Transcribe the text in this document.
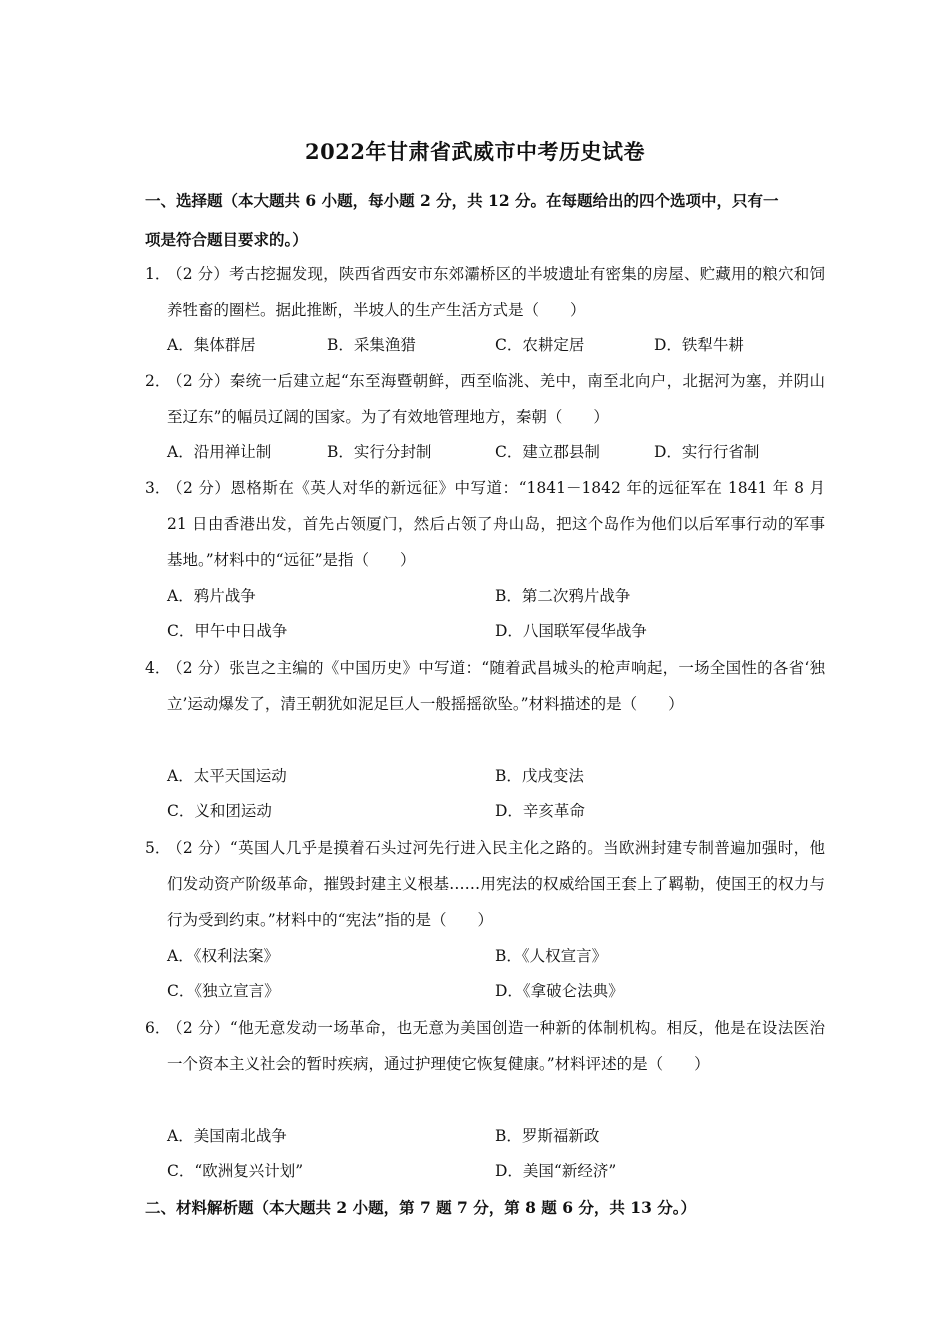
2022年甘肃省武威市中考历史试卷
一、选择题（本大题共 6 小题，每小题 2 分，共 12 分。在每题给出的四个选项中，只有一
项是符合题目要求的。）
1．
（2 分）考古挖掘发现，陕西省西安市东郊灞桥区的半坡遗址有密集的房屋、贮藏用的粮穴和饲养牲畜的圈栏。据此推断，半坡人的生产生活方式是（　　）
A．集体群居	B．采集渔猎	C．农耕定居	D．铁犁牛耕
2．
（2 分）秦统一后建立起“东至海暨朝鲜，西至临洮、羌中，南至北向户，北据河为塞，并阴山至辽东”的幅员辽阔的国家。为了有效地管理地方，秦朝（　　）
A．沿用禅让制	B．实行分封制	C．建立郡县制	D．实行行省制
3．
（2 分）恩格斯在《英人对华的新远征》中写道：“1841－1842 年的远征军在 1841 年 8 月 21 日由香港出发，首先占领厦门，然后占领了舟山岛，把这个岛作为他们以后军事行动的军事基地。”材料中的“远征”是指（　　）
A．鸦片战争	B．第二次鸦片战争
C．甲午中日战争	D．八国联军侵华战争
4．
（2 分）张岂之主编的《中国历史》中写道：“随着武昌城头的枪声响起，一场全国性的各省‘独立’运动爆发了，清王朝犹如泥足巨人一般摇摇欲坠。”材料描述的是（　　）
A．太平天国运动	B．戊戌变法
C．义和团运动	D．辛亥革命
5．
（2 分）“英国人几乎是摸着石头过河先行进入民主化之路的。当欧洲封建专制普遍加强时，他们发动资产阶级革命，摧毁封建主义根基……用宪法的权威给国王套上了羁勒，使国王的权力与行为受到约束。”材料中的“宪法”指的是（　　）
A．《权利法案》	B．《人权宣言》
C．《独立宣言》	D．《拿破仑法典》
6．
（2 分）“他无意发动一场革命，也无意为美国创造一种新的体制机构。相反，他是在设法医治一个资本主义社会的暂时疾病，通过护理使它恢复健康。”材料评述的是（　　）
A．美国南北战争	B．罗斯福新政
C．“欧洲复兴计划”	D．美国“新经济”
二、材料解析题（本大题共 2 小题，第 7 题 7 分，第 8 题 6 分，共 13 分。）
